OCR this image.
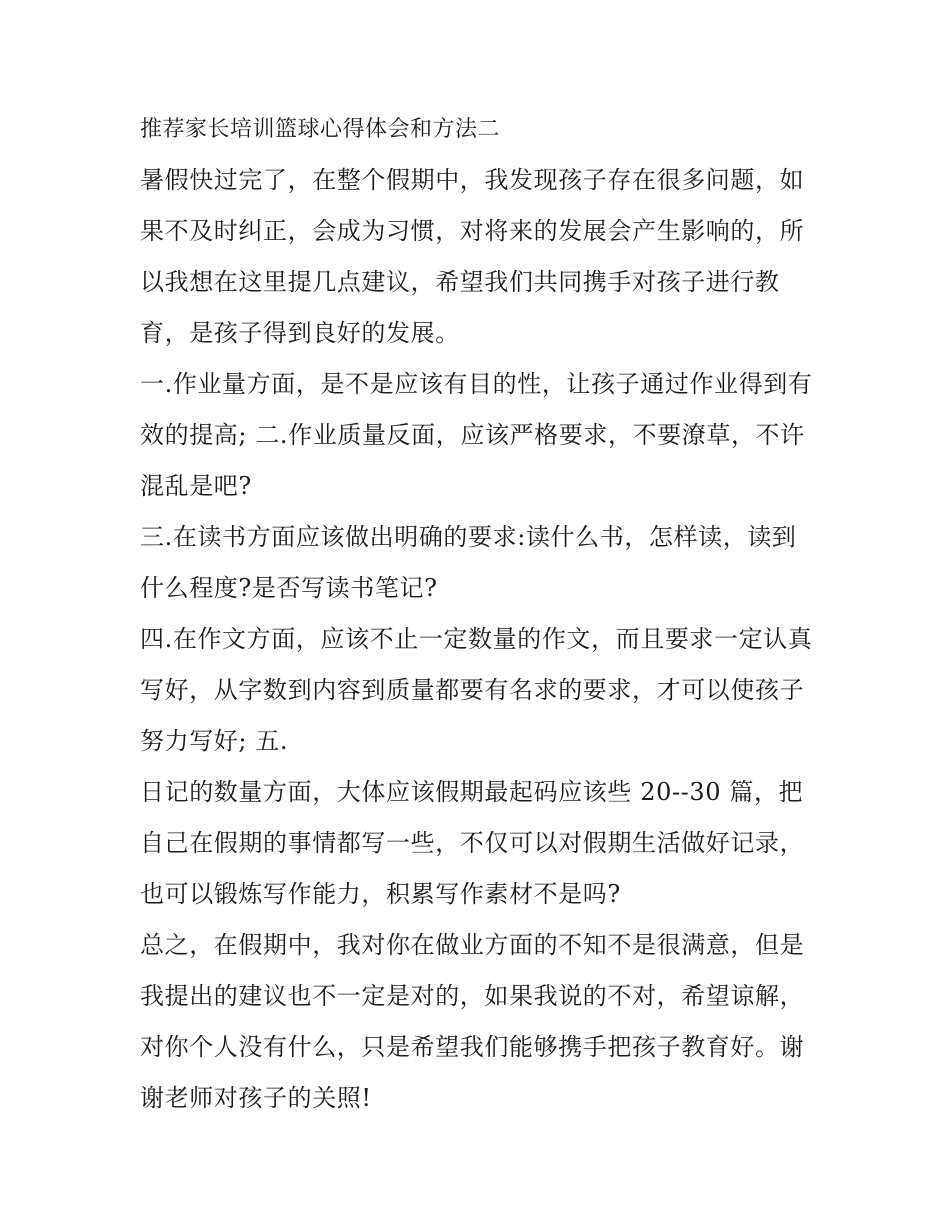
推荐家长培训篮球心得体会和方法二

暑假快过完了，在整个假期中，我发现孩子存在很多问题，如果不及时纠正，会成为习惯，对将来的发展会产生影响的，所以我想在这里提几点建议，希望我们共同携手对孩子进行教育，是孩子得到良好的发展。

一.作业量方面，是不是应该有目的性，让孩子通过作业得到有效的提高; 二.作业质量反面，应该严格要求，不要潦草，不许混乱是吧?

三.在读书方面应该做出明确的要求:读什么书，怎样读，读到什么程度?是否写读书笔记?

四.在作文方面，应该不止一定数量的作文，而且要求一定认真写好，从字数到内容到质量都要有名求的要求，才可以使孩子努力写好; 五.

日记的数量方面，大体应该假期最起码应该些 20--30 篇，把自己在假期的事情都写一些，不仅可以对假期生活做好记录，也可以锻炼写作能力，积累写作素材不是吗?

总之，在假期中，我对你在做业方面的不知不是很满意，但是我提出的建议也不一定是对的，如果我说的不对，希望谅解，对你个人没有什么，只是希望我们能够携手把孩子教育好。谢谢老师对孩子的关照!
